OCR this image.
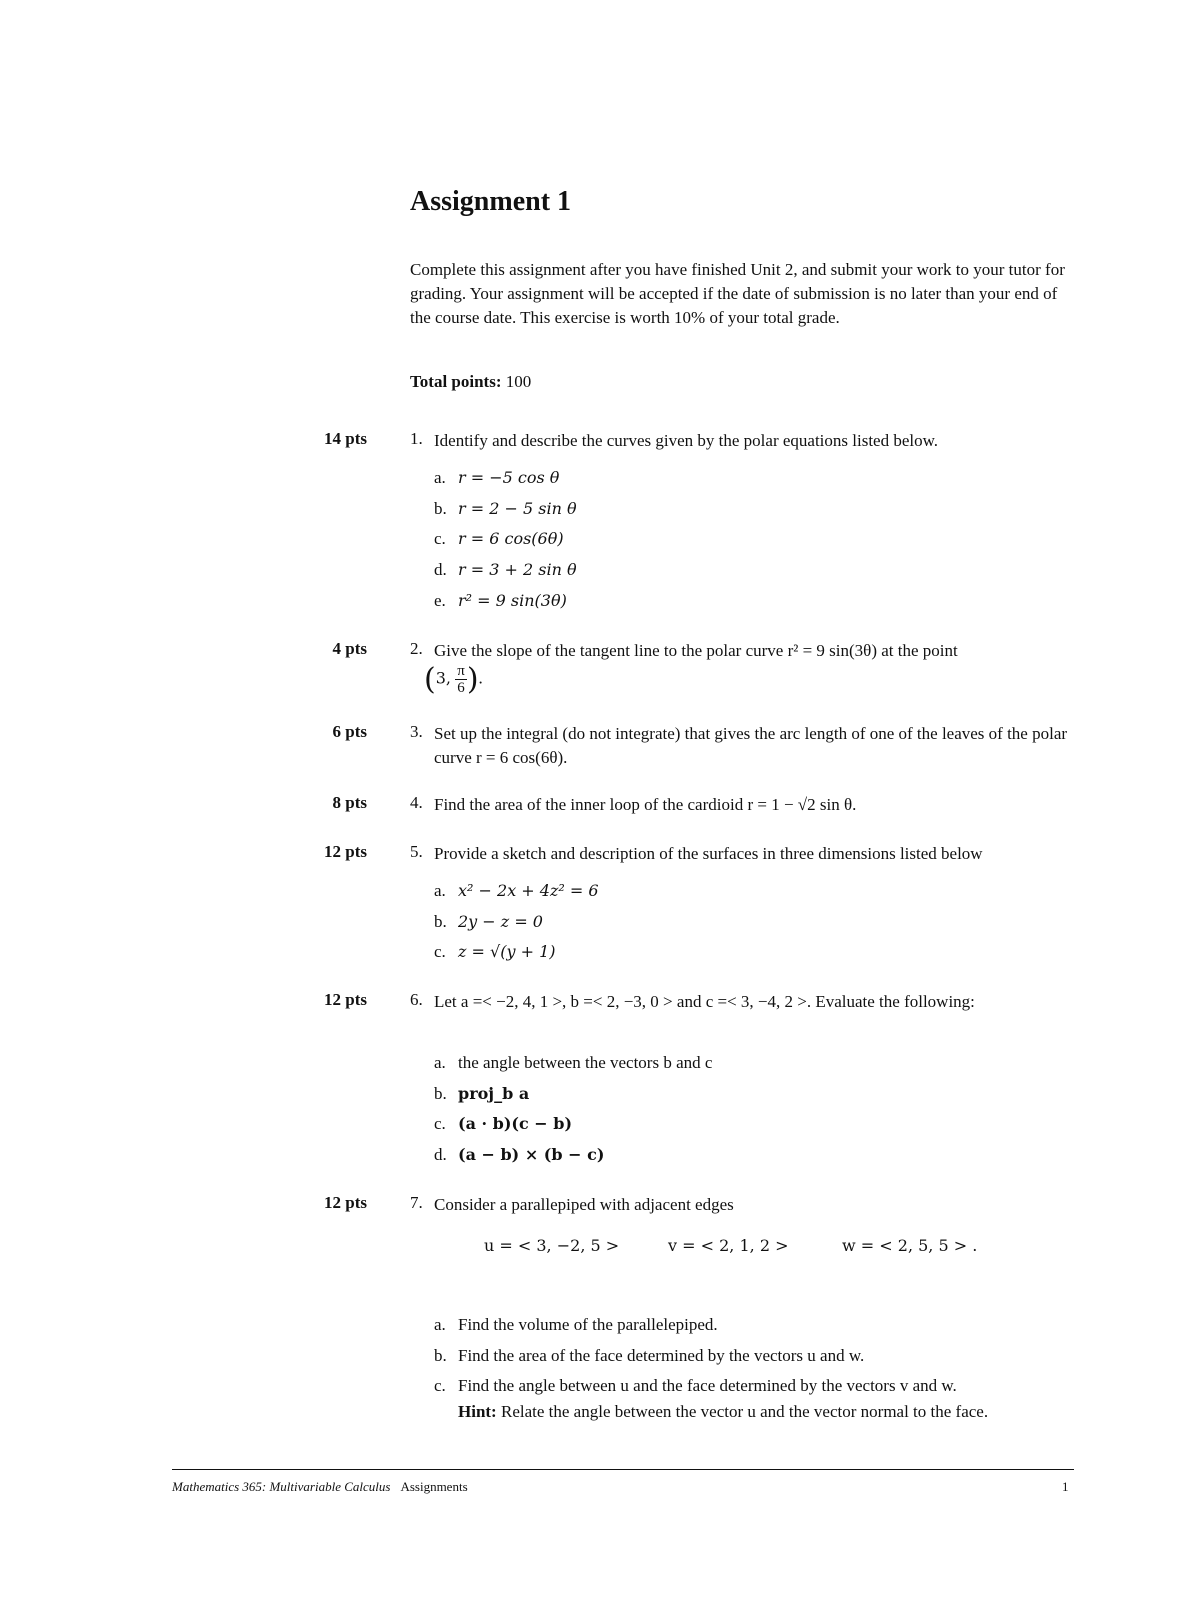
Assignment 1
Complete this assignment after you have finished Unit 2, and submit your work to your tutor for grading. Your assignment will be accepted if the date of submission is no later than your end of the course date. This exercise is worth 10% of your total grade.
Total points: 100
14 pts	1. Identify and describe the curves given by the polar equations listed below.
a. r = −5 cos θ
b. r = 2 − 5 sin θ
c. r = 6 cos(6θ)
d. r = 3 + 2 sin θ
e. r² = 9 sin(3θ)
4 pts	2. Give the slope of the tangent line to the polar curve r² = 9 sin(3θ) at the point
(3, $\frac{\pi}{6}$ ).
6 pts	3. Set up the integral (do not integrate) that gives the arc length of one of the leaves of the polar curve r = 6 cos(6θ).
8 pts	4. Find the area of the inner loop of the cardioid r = 1 − √2 sin θ.
12 pts	5. Provide a sketch and description of the surfaces in three dimensions listed below
a. x² − 2x + 4z² = 6
b. 2y − z = 0
c. z = √(y + 1)
12 pts	6. Let a =< −2, 4, 1 >, b =< 2, −3, 0 > and c =< 3, −4, 2 >. Evaluate the following:
a. the angle between the vectors b and c
b. proj_b a
c. (a · b)(c − b)
d. (a − b) × (b − c)
12 pts	7. Consider a parallepiped with adjacent edges
u = < 3, −2, 5 >	v = < 2, 1, 2 >	w = < 2, 5, 5 > .
a. Find the volume of the parallelepiped.
b. Find the area of the face determined by the vectors u and w.
c. Find the angle between u and the face determined by the vectors v and w.
Hint: Relate the angle between the vector u and the vector normal to the face.
Mathematics 365: Multivariable Calculus Assignments	1
